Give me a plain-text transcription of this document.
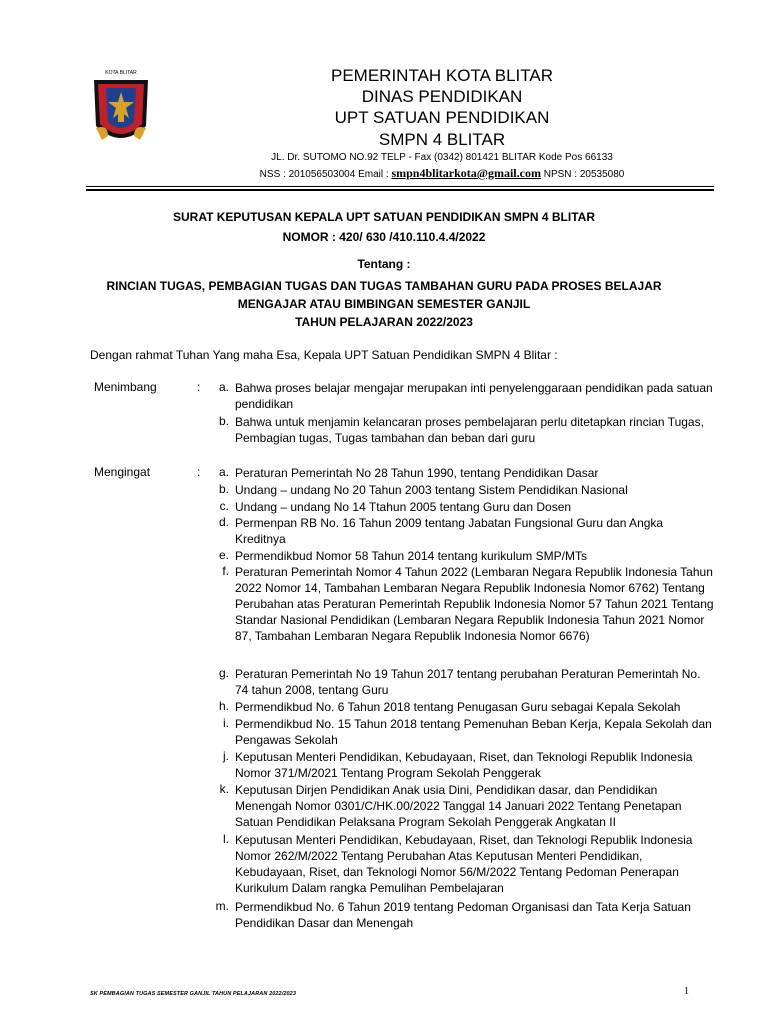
KOTA BLITAR	PEMERINTAH KOTA BLITAR
DINAS PENDIDIKAN
UPT SATUAN PENDIDIKAN
SMPN 4 BLITAR
JL. Dr. SUTOMO NO.92 TELP - Fax (0342) 801421 BLITAR Kode Pos 66133
NSS : 201056503004 Email : smpn4blitarkota@gmail.com NPSN : 20535080
SURAT KEPUTUSAN KEPALA UPT SATUAN PENDIDIKAN SMPN 4 BLITAR
NOMOR : 420/ 630 /410.110.4.4/2022
Tentang :
RINCIAN TUGAS, PEMBAGIAN TUGAS DAN TUGAS TAMBAHAN GURU PADA PROSES BELAJAR
MENGAJAR ATAU BIMBINGAN SEMESTER GANJIL
TAHUN PELAJARAN 2022/2023
Dengan rahmat Tuhan Yang maha Esa, Kepala UPT Satuan Pendidikan SMPN 4 Blitar :
Menimbang	:	a. Bahwa proses belajar mengajar merupakan inti penyelenggaraan pendidikan pada satuan pendidikan
b. Bahwa untuk menjamin kelancaran proses pembelajaran perlu ditetapkan rincian Tugas, Pembagian tugas, Tugas tambahan dan beban dari guru
Mengingat	:	a. Peraturan Pemerintah No 28 Tahun 1990, tentang Pendidikan Dasar
b. Undang – undang No 20 Tahun 2003 tentang Sistem Pendidikan Nasional
c. Undang – undang No 14 Ttahun 2005 tentang Guru dan Dosen
d. Permenpan RB No. 16 Tahun 2009 tentang Jabatan Fungsional Guru dan Angka Kreditnya
e. Permendikbud Nomor 58 Tahun 2014 tentang kurikulum SMP/MTs
f. Peraturan Pemerintah Nomor 4 Tahun 2022 (Lembaran Negara Republik Indonesia Tahun 2022 Nomor 14, Tambahan Lembaran Negara Republik Indonesia Nomor 6762) Tentang Perubahan atas Peraturan Pemerintah Republik Indonesia Nomor 57 Tahun 2021 Tentang Standar Nasional Pendidikan (Lembaran Negara Republik Indonesia Tahun 2021 Nomor 87, Tambahan Lembaran Negara Republik Indonesia Nomor 6676)
g. Peraturan Pemerintah No 19 Tahun 2017 tentang perubahan Peraturan Pemerintah No. 74 tahun 2008, tentang Guru
h. Permendikbud No. 6 Tahun 2018 tentang Penugasan Guru sebagai Kepala Sekolah
i. Permendikbud No. 15 Tahun 2018 tentang Pemenuhan Beban Kerja, Kepala Sekolah dan Pengawas Sekolah
j. Keputusan Menteri Pendidikan, Kebudayaan, Riset, dan Teknologi Republik Indonesia Nomor 371/M/2021 Tentang Program Sekolah Penggerak
k. Keputusan Dirjen Pendidikan Anak usia Dini, Pendidikan dasar, dan Pendidikan Menengah Nomor 0301/C/HK.00/2022 Tanggal 14 Januari 2022 Tentang Penetapan Satuan Pendidikan Pelaksana Program Sekolah Penggerak Angkatan II
l. Keputusan Menteri Pendidikan, Kebudayaan, Riset, dan Teknologi Republik Indonesia Nomor 262/M/2022 Tentang Perubahan Atas Keputusan Menteri Pendidikan, Kebudayaan, Riset, dan Teknologi Nomor 56/M/2022 Tentang Pedoman Penerapan Kurikulum Dalam rangka Pemulihan Pembelajaran
m. Permendikbud No. 6 Tahun 2019 tentang Pedoman Organisasi dan Tata Kerja Satuan Pendidikan Dasar dan Menengah
SK PEMBAGIAN TUGAS SEMESTER GANJIL TAHUN PELAJARAN 2022/2023	1
